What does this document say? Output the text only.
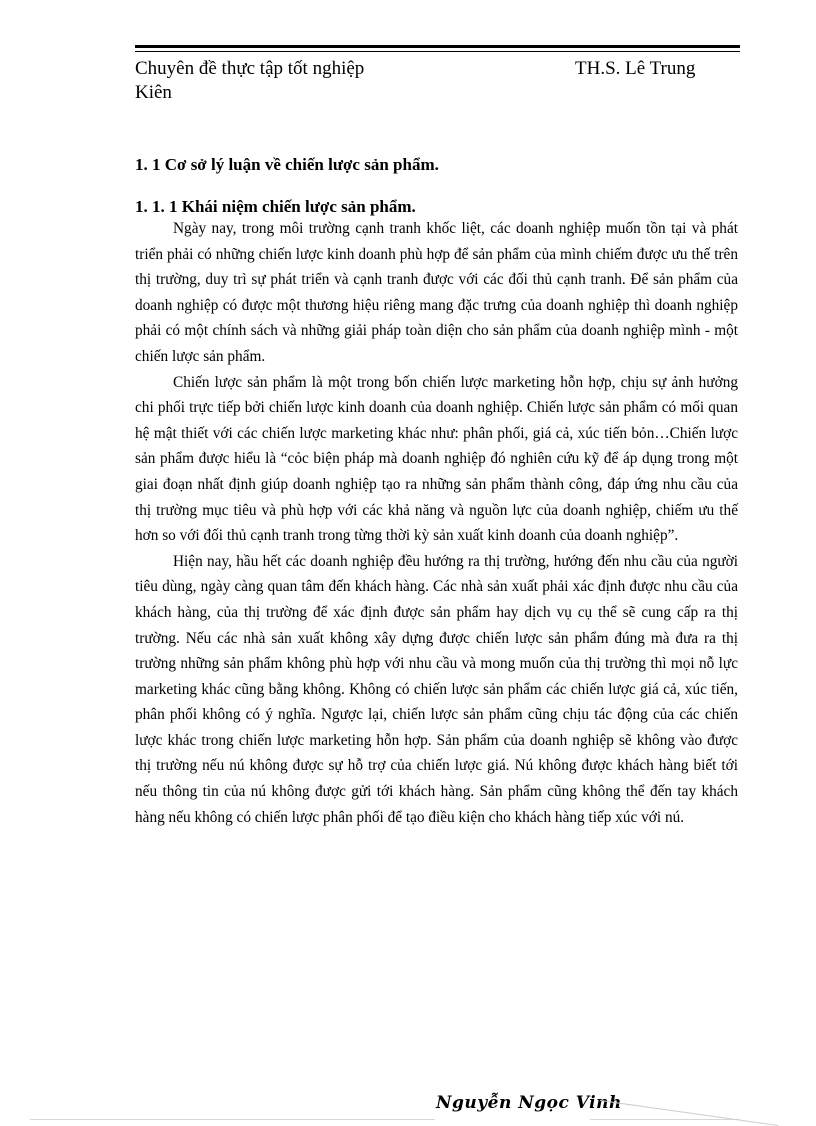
Chuyên đề thực tập tốt nghiệp	TH.S. Lê Trung
Kiên
1. 1 Cơ sở lý luận về chiến lược sản phẩm.
1. 1. 1 Khái niệm chiến lược sản phẩm.

Ngày nay, trong môi trường cạnh tranh khốc liệt, các doanh nghiệp muốn tồn tại và phát triển phải có những chiến lược kinh doanh phù hợp để sản phẩm của mình chiếm được ưu thế trên thị trường, duy trì sự phát triển và cạnh tranh được với các đối thủ cạnh tranh. Để sản phẩm của doanh nghiệp có được một thương hiệu riêng mang đặc trưng của doanh nghiệp thì doanh nghiệp phải có một chính sách và những giải pháp toàn diện cho sản phẩm của doanh nghiệp mình - một chiến lược sản phẩm.

Chiến lược sản phẩm là một trong bốn chiến lược marketing hỗn hợp, chịu sự ảnh hưởng chi phối trực tiếp bởi chiến lược kinh doanh của doanh nghiệp. Chiến lược sản phẩm có mối quan hệ mật thiết với các chiến lược marketing khác như: phân phối, giá cả, xúc tiến bỏn…Chiến lược sản phẩm được hiểu là “cỏc biện pháp mà doanh nghiệp đó nghiên cứu kỹ để áp dụng trong một giai đoạn nhất định giúp doanh nghiệp tạo ra những sản phẩm thành công, đáp ứng nhu cầu của thị trường mục tiêu và phù hợp với các khả năng và nguồn lực của doanh nghiệp, chiếm ưu thế hơn so với đối thủ cạnh tranh trong từng thời kỳ sản xuất kinh doanh của doanh nghiệp”.

Hiện nay, hầu hết các doanh nghiệp đều hướng ra thị trường, hướng đến nhu cầu của người tiêu dùng, ngày càng quan tâm đến khách hàng. Các nhà sản xuất phải xác định được nhu cầu của khách hàng, của thị trường để xác định được sản phẩm hay dịch vụ cụ thể sẽ cung cấp ra thị trường. Nếu các nhà sản xuất không xây dựng được chiến lược sản phẩm đúng mà đưa ra thị trường những sản phẩm không phù hợp với nhu cầu và mong muốn của thị trường thì mọi nỗ lực marketing khác cũng bằng không. Không có chiến lược sản phẩm các chiến lược giá cả, xúc tiến, phân phối không có ý nghĩa. Ngược lại, chiến lược sản phẩm cũng chịu tác động của các chiến lược khác trong chiến lược marketing hỗn hợp. Sản phẩm của doanh nghiệp sẽ không vào được thị trường nếu nú không được sự hỗ trợ của chiến lược giá. Nú không được khách hàng biết tới nếu thông tin của nú không được gửi tới khách hàng. Sản phẩm cũng không thể đến tay khách hàng nếu không có chiến lược phân phối để tạo điều kiện cho khách hàng tiếp xúc với nú.

Nguyễn Ngọc Vinh
